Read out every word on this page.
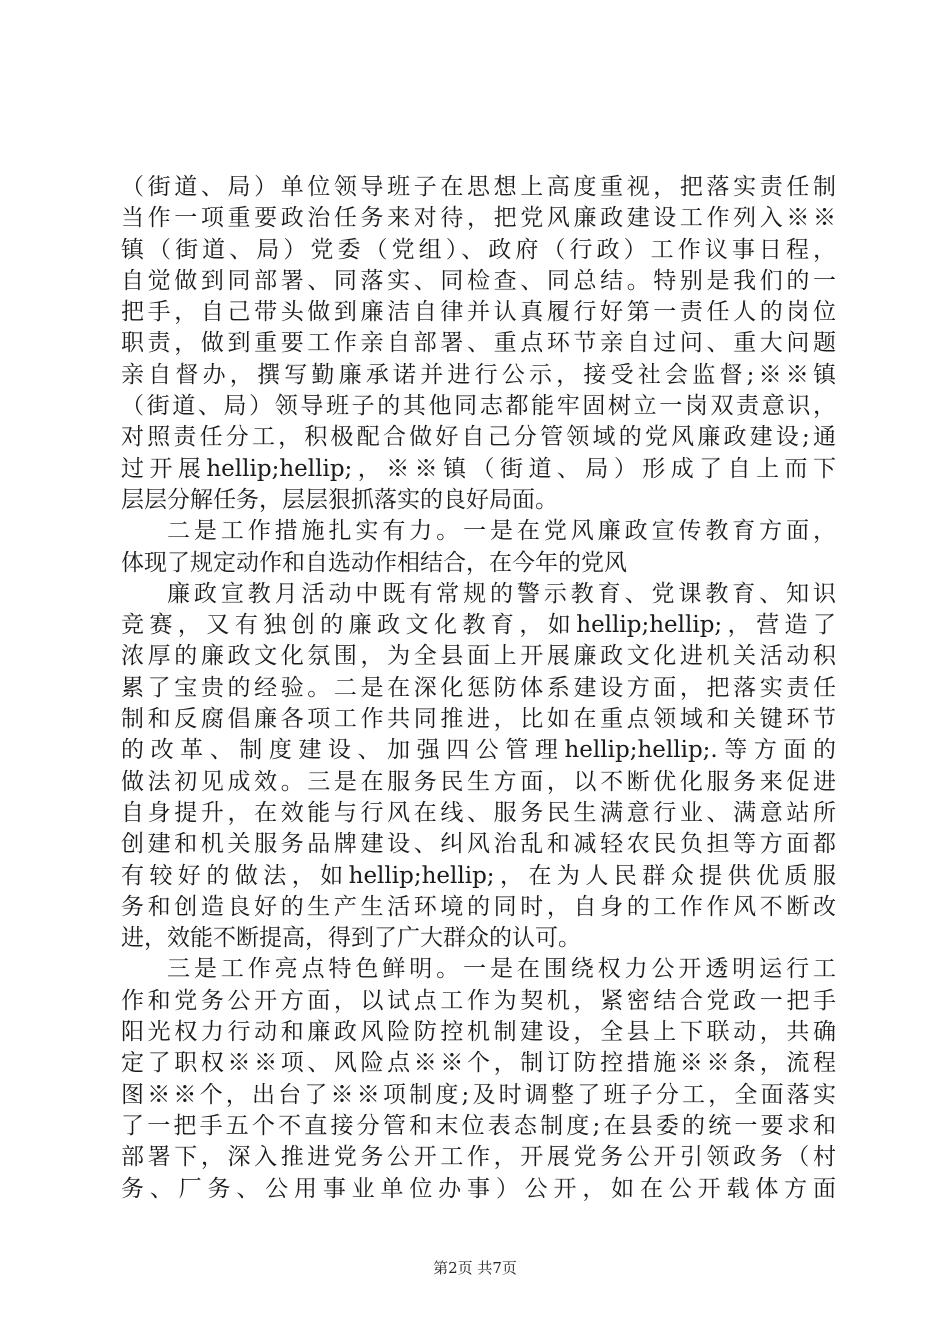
（街道、局）单位领导班子在思想上高度重视，把落实责任制
当作一项重要政治任务来对待，把党风廉政建设工作列入※※
镇（街道、局）党委（党组）、政府（行政）工作议事日程，
自觉做到同部署、同落实、同检查、同总结。特别是我们的一
把手，自己带头做到廉洁自律并认真履行好第一责任人的岗位
职责，做到重要工作亲自部署、重点环节亲自过问、重大问题
亲自督办，撰写勤廉承诺并进行公示，接受社会监督;※※镇
（街道、局）领导班子的其他同志都能牢固树立一岗双责意识，
对照责任分工，积极配合做好自己分管领域的党风廉政建设;通
过开展hellip;hellip;，※※镇（街道、局）形成了自上而下
层层分解任务，层层狠抓落实的良好局面。
二是工作措施扎实有力。一是在党风廉政宣传教育方面，
体现了规定动作和自选动作相结合，在今年的党风
廉政宣教月活动中既有常规的警示教育、党课教育、知识
竞赛，又有独创的廉政文化教育，如hellip;hellip;，营造了
浓厚的廉政文化氛围，为全县面上开展廉政文化进机关活动积
累了宝贵的经验。二是在深化惩防体系建设方面，把落实责任
制和反腐倡廉各项工作共同推进，比如在重点领域和关键环节
的改革、制度建设、加强四公管理hellip;hellip;.等方面的
做法初见成效。三是在服务民生方面，以不断优化服务来促进
自身提升，在效能与行风在线、服务民生满意行业、满意站所
创建和机关服务品牌建设、纠风治乱和减轻农民负担等方面都
有较好的做法，如hellip;hellip;，在为人民群众提供优质服
务和创造良好的生产生活环境的同时，自身的工作作风不断改
进，效能不断提高，得到了广大群众的认可。
三是工作亮点特色鲜明。一是在围绕权力公开透明运行工
作和党务公开方面，以试点工作为契机，紧密结合党政一把手
阳光权力行动和廉政风险防控机制建设，全县上下联动，共确
定了职权※※项、风险点※※个，制订防控措施※※条，流程
图※※个，出台了※※项制度;及时调整了班子分工，全面落实
了一把手五个不直接分管和末位表态制度;在县委的统一要求和
部署下，深入推进党务公开工作，开展党务公开引领政务（村
务、厂务、公用事业单位办事）公开，如在公开载体方面
第2页 共7页
